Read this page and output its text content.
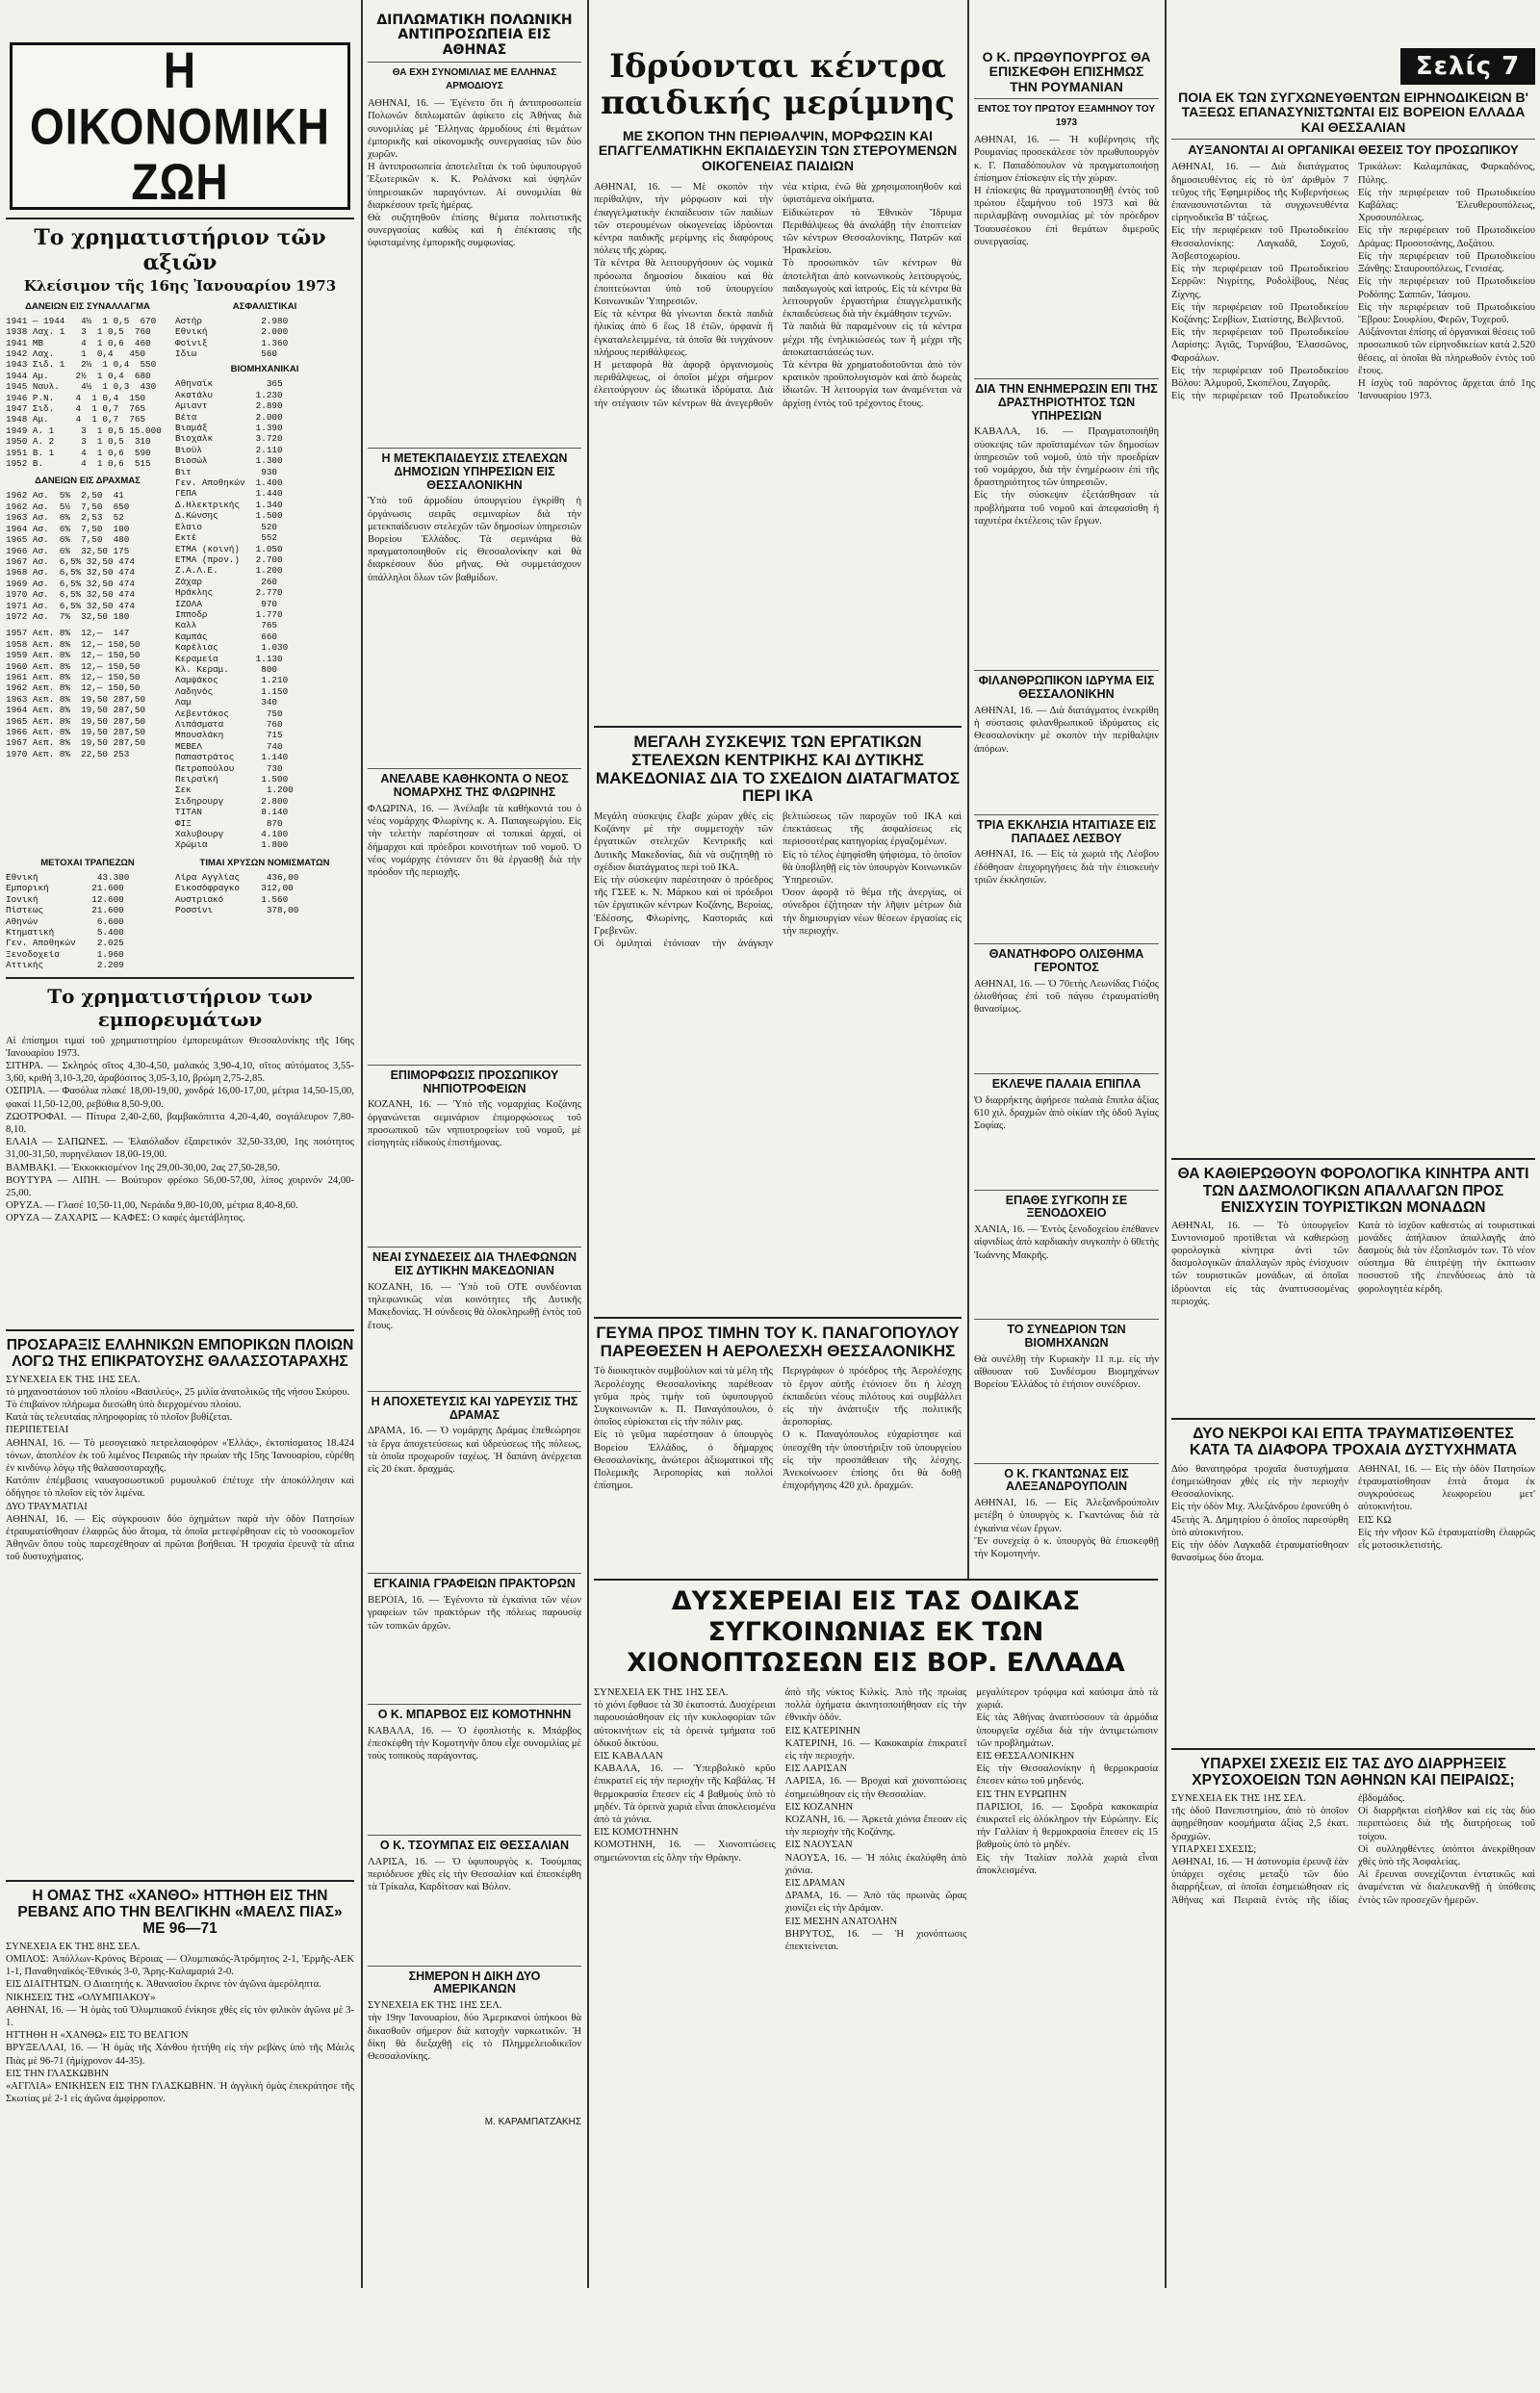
Η ΟΙΚΟΝΟΜΙΚΗ ΖΩΗ
Το χρηματιστήριον τῶν αξιῶν
Κλείσιμον τῆς 16ης Ἰανουαρίου 1973
ΔΑΝΕΙΩΝ ΕΙΣ ΣΥΝΑΛΛΑΓΜΑ
1941 — 1944   4½  1 0,5  670
1938 Λαχ. 1   3  1 0,5  760
1941 ΜΒ       4  1 0,6  460
1942 Λαχ.     1  0,4   450
1943 Σιδ. 1   2½  1 0,4  550
1944 Αμ.     2½  1 0,4  680
1945 Ναυλ.    4½  1 0,3  430
1946 Ρ.Ν.    4  1 0,4  150
1947 Σιδ.    4  1 0,7  765
1948 Αμ.     4  1 0,7  765
1949 Α. 1     3  1 0,5 15.000
1950 Α. 2     3  1 0,5  310
1951 Β. 1     4  1 0,6  590
1952 Β.       4  1 0,6  515
ΔΑΝΕΙΩΝ ΕΙΣ ΔΡΑΧΜΑΣ
1962 Ασ.  5%  2,50  41
1962 Ασ.  5½  7,50  650
1963 Ασ.  6%  2,53  52
1964 Ασ.  6%  7,50  100
1965 Ασ.  6%  7,50  480
1966 Ασ.  6%  32,50 175
1967 Ασ.  6,5% 32,50 474
1968 Ασ.  6,5% 32,50 474
1969 Ασ.  6,5% 32,50 474
1970 Ασ.  6,5% 32,50 474
1971 Ασ.  6,5% 32,50 474
1972 Ασ.  7%  32,50 180
1957 Αεπ. 8%  12,—  147
1958 Αεπ. 8%  12,— 150,50
1959 Αεπ. 8%  12,— 150,50
1960 Αεπ. 8%  12,— 150,50
1961 Αεπ. 8%  12,— 150,50
1962 Αεπ. 8%  12,— 150,50
1963 Αεπ. 8%  19,50 287,50
1964 Αεπ. 8%  19,50 287,50
1965 Αεπ. 8%  19,50 287,50
1966 Αεπ. 8%  19,50 287,50
1967 Αεπ. 8%  19,50 287,50
1970 Αεπ. 8%  22,50 253
ΑΣΦΑΛΙΣΤΙΚΑΙ
Αστήρ           2.980
Εθνική          2.000
Φοίνιξ          1.360
Ιδιω            560
ΒΙΟΜΗΧΑΝΙΚΑΙ
Αθηναϊκ          365
Ακατάλυ        1.230
Αμιαντ         2.890
Βέτα           2.000
Βιαμάξ         1.390
Βιοχαλκ        3.720
Βιοϋλ          2.110
Βιοσώλ         1.300
Βιτ             930
Γεν. Αποθηκών  1.400
ΓΕΠΑ           1.440
Δ.Ηλεκτρικής   1.340
Δ.Κώνσης       1.500
Ελαιο           520
Εκτέ            552
ΕΤΜΑ (κοινή)   1.050
ΕΤΜΑ (προν.)   2.700
Ζ.Α.Λ.Ε.       1.200
Ζάχαρ           260
Ηράκλης        2.770
ΙΖΟΛΑ           970
Ιπποδρ         1.770
Καλλ            765
Καμπάς          660
Καρέλιας        1.030
Κεραμεία       1.130
Κλ. Κεραμ.      800
Λαμψάκος        1.210
Λαδηνός         1.150
Λαμ             340
Λεβεντάκος       750
Λιπάσματα        760
Μπουσλάκη        715
ΜΕΒΕΛ            740
Παπαστράτος     1.140
Πετροπούλου      730
Πειραϊκή        1.500
Σεκ              1.200
Σιδηρουργ       2.800
ΤΙΤΑΝ           8.140
ΦΙΞ              870
Χαλυβουργ       4.100
Χρώμια          1.800
ΜΕΤΟΧΑΙ ΤΡΑΠΕΖΩΝ
Εθνική           43.300
Εμπορική        21.600
Ιονική          12.600
Πίστεως         21.600
Αθηνών           6.600
Κτηματική        5.400
Γεν. Αποθηκών    2.025
Ξενοδοχεία       1.960
Αττικής          2.209
ΤΙΜΑΙ ΧΡΥΣΩΝ ΝΟΜΙΣΜΑΤΩΝ
Λίρα Αγγλίας     436,00
Εικοσόφραγκο    312,00
Αυστριακό       1.560
Ροσσίνι          378,00
Το χρηματιστήριον των εμπορευμάτων
Αἱ ἐπίσημοι τιμαί τοῦ χρηματιστηρίου ἐμπορευμάτων Θεσσαλονίκης τῆς 16ης Ἰανουαρίου 1973.
ΣΙΤΗΡΑ. — Σκληρός σῖτος 4,30-4,50, μαλακός 3,90-4,10, σῖτος αὐτόματος 3,55-3,60, κριθή 3,10-3,20, ἀραβόσιτος 3,05-3,10, βρώμη 2,75-2,85.
ΟΣΠΡΙΑ. — Φασόλια πλακέ 18,00-19,00, χονδρά 16,00-17,00, μέτρια 14,50-15,00, φακαί 11,50-12,00, ρεβύθια 8,50-9,00.
ΖΩΟΤΡΟΦΑΙ. — Πίτυρα 2,40-2,60, βαμβακόπιττα 4,20-4,40, σογιάλευρον 7,80-8,10.
ΕΛΑΙΑ — ΣΑΠΩΝΕΣ. — Ἐλαιόλαδον ἐξαιρετικόν 32,50-33,00, 1ης ποιότητος 31,00-31,50, πυρηνέλαιον 18,00-19,00.
ΒΑΜΒΑΚΙ. — Ἐκκοκκισμένον 1ης 29,00-30,00, 2ας 27,50-28,50.
ΒΟΥΤΥΡΑ — ΛΙΠΗ. — Βούτυρον φρέσκο 56,00-57,00, λίπος χοιρινόν 24,00-25,00.
ΟΡΥΖΑ. — Γλασέ 10,50-11,00, Νεράιδα 9,80-10,00, μέτρια 8,40-8,60.
ΟΡΥΖΑ — ΖΑΧΑΡΙΣ — ΚΑΦΕΣ: Ο καφές ἀμετάβλητος.
ΠΡΟΣΑΡΑΞΙΣ ΕΛΛΗΝΙΚΩΝ ΕΜΠΟΡΙΚΩΝ ΠΛΟΙΩΝ ΛΟΓΩ ΤΗΣ ΕΠΙΚΡΑΤΟΥΣΗΣ ΘΑΛΑΣΣΟΤΑΡΑΧΗΣ
ΣΥΝΕΧΕΙΑ ΕΚ ΤΗΣ 1ΗΣ ΣΕΛ.
τὸ μηχανοστάσιον τοῦ πλοίου «Βασιλεύς», 25 μιλία ἀνατολικῶς τῆς νήσου Σκύρου.
Τὸ ἐπιβαίνον πλήρωμα διεσώθη ὑπὸ διερχομένου πλοίου.
Κατὰ τὰς τελευταίας πληροφορίας τὸ πλοῖον βυθίζεται.
ΠΕΡΙΠΕΤΕΙΑΙ
ΑΘΗΝΑΙ, 16. — Τὸ μεσογειακὸ πετρελαιοφόρον «Ἑλλάς», ἐκτοπίσματος 18.424 τόνων, ἀποπλέον ἐκ τοῦ λιμένος Πειραιῶς τὴν πρωίαν τῆς 15ης Ἰανουαρίου, εὑρέθη ἐν κινδύνῳ λόγῳ τῆς θαλασσοταραχῆς.
Κατόπιν ἐπέμβασις ναυαγοσωστικοῦ ρυμουλκοῦ ἐπέτυχε τὴν ἀποκόλλησιν καὶ ὁδήγησε τὸ πλοῖον εἰς τὸν λιμένα.
ΔΥΟ ΤΡΑΥΜΑΤΙΑΙ
ΑΘΗΝΑΙ, 16. — Εἰς σύγκρουσιν δύο ὀχημάτων παρὰ τὴν ὁδὸν Πατησίων ἐτραυματίσθησαν ἐλαφρῶς δύο ἄτομα, τὰ ὁποῖα μετεφέρθησαν εἰς τὸ νοσοκομεῖον Ἀθηνῶν ὅπου τοὺς παρεσχέθησαν αἱ πρῶται βοήθειαι. Ἡ τροχαία ἐρευνᾷ τὰ αἴτια τοῦ δυστυχήματος.
Η ΟΜΑΣ ΤΗΣ «ΧΑΝΘΟ» ΗΤΤΗΘΗ ΕΙΣ ΤΗΝ ΡΕΒΑΝΣ ΑΠΟ ΤΗΝ ΒΕΛΓΙΚΗΝ «ΜΑΕΛΣ ΠΙΑΣ» ΜΕ 96—71
ΣΥΝΕΧΕΙΑ ΕΚ ΤΗΣ 8ΗΣ ΣΕΛ.
ΟΜΙΛΟΣ: Ἀπόλλων-Κρόνος Βέροιας — Ολυμπιακός-Ἀτρόμητος 2-1, Ἑρμῆς-ΑΕΚ 1-1, Παναθηναϊκός-Ἐθνικός 3-0, Ἄρης-Καλαμαριά 2-0.
ΕΙΣ ΔΙΑΙΤΗΤΩΝ. Ο Διαιτητής κ. Ἀθανασίου ἔκρινε τὸν ἀγῶνα ἀμερόληπτα.
ΝΙΚΗΣΕΙΣ ΤΗΣ «ΟΛΥΜΠΙΑΚΟΥ»
ΑΘΗΝΑΙ, 16. — Ἡ ὁμὰς τοῦ Ὀλυμπιακοῦ ἐνίκησε χθὲς εἰς τὸν φιλικὸν ἀγῶνα μὲ 3-1.
ΗΤΤΗΘΗ Η «ΧΑΝΘΩ» ΕΙΣ ΤΟ ΒΕΛΓΙΟΝ
ΒΡΥΞΕΛΛΑΙ, 16. — Ἡ ὁμὰς τῆς Χάνθου ἡττήθη εἰς τὴν ρεβὰνς ὑπὸ τῆς Μάελς Πιὰς μὲ 96-71 (ἡμίχρονον 44-35).
ΕΙΣ ΤΗΝ ΓΛΑΣΚΩΒΗΝ
«ΑΓΓΛΙΑ» ΕΝΙΚΗΣΕΝ ΕΙΣ ΤΗΝ ΓΛΑΣΚΩΒΗΝ. Ἡ ἀγγλικὴ ὁμὰς ἐπεκράτησε τῆς Σκωτίας μὲ 2-1 εἰς ἀγῶνα ἀμφίρροπον.
ΔΙΠΛΩΜΑΤΙΚΗ ΠΟΛΩΝΙΚΗ ΑΝΤΙΠΡΟΣΩΠΕΙΑ ΕΙΣ ΑΘΗΝΑΣ
ΘΑ ΕΧΗ ΣΥΝΟΜΙΛΙΑΣ ΜΕ ΕΛΛΗΝΑΣ ΑΡΜΟΔΙΟΥΣ
ΑΘΗΝΑΙ, 16. — Ἐγένετο ὅτι ἡ ἀντιπροσωπεία Πολωνῶν διπλωματῶν ἀφίκετο εἰς Ἀθήνας διὰ συνομιλίας μὲ Ἕλληνας ἁρμοδίους ἐπὶ θεμάτων ἐμπορικῆς καὶ οἰκονομικῆς συνεργασίας τῶν δύο χωρῶν.
Η ἀντιπροσωπεία ἀποτελεῖται ἐκ τοῦ ὑφυπουργοῦ Ἐξωτερικῶν κ. Κ. Ρολάνσκι καὶ ὑψηλῶν ὑπηρεσιακῶν παραγόντων. Αἱ συνομιλίαι θὰ διαρκέσουν τρεῖς ἡμέρας.
Θὰ συζητηθοῦν ἐπίσης θέματα πολιτιστικῆς συνεργασίας καθὼς καὶ ἡ ἐπέκτασις τῆς ὑφισταμένης ἐμπορικῆς συμφωνίας.
Η ΜΕΤΕΚΠΑΙΔΕΥΣΙΣ ΣΤΕΛΕΧΩΝ ΔΗΜΟΣΙΩΝ ΥΠΗΡΕΣΙΩΝ ΕΙΣ ΘΕΣΣΑΛΟΝΙΚΗΝ
Ὑπὸ τοῦ ἀρμοδίου ὑπουργείου ἐγκρίθη ἡ ὀργάνωσις σειρᾶς σεμιναρίων διὰ τὴν μετεκπαίδευσιν στελεχῶν τῶν δημοσίων ὑπηρεσιῶν Βορείου Ἑλλάδος. Τὰ σεμινάρια θὰ πραγματοποιηθοῦν εἰς Θεσσαλονίκην καὶ θὰ διαρκέσουν δύο μῆνας. Θὰ συμμετάσχουν ὑπάλληλοι ὅλων τῶν βαθμίδων.
ΑΝΕΛΑΒΕ ΚΑΘΗΚΟΝΤΑ Ο ΝΕΟΣ ΝΟΜΑΡΧΗΣ ΤΗΣ ΦΛΩΡΙΝΗΣ
ΦΛΩΡΙΝΑ, 16. — Ἀνέλαβε τὰ καθήκοντά του ὁ νέος νομάρχης Φλωρίνης κ. Α. Παπαγεωργίου. Εἰς τὴν τελετὴν παρέστησαν αἱ τοπικαὶ ἀρχαί, οἱ δήμαρχοι καὶ πρόεδροι κοινοτήτων τοῦ νομοῦ. Ὁ νέος νομάρχης ἐτόνισεν ὅτι θὰ ἐργασθῇ διὰ τὴν πρόοδον τῆς περιοχῆς.
ΕΠΙΜΟΡΦΩΣΙΣ ΠΡΟΣΩΠΙΚΟΥ ΝΗΠΙΟΤΡΟΦΕΙΩΝ
ΚΟΖΑΝΗ, 16. — Ὑπὸ τῆς νομαρχίας Κοζάνης ὀργανώνεται σεμινάριον ἐπιμορφώσεως τοῦ προσωπικοῦ τῶν νηπιοτροφείων τοῦ νομοῦ, μὲ εἰσηγητὰς εἰδικοὺς ἐπιστήμονας.
ΝΕΑΙ ΣΥΝΔΕΣΕΙΣ ΔΙΑ ΤΗΛΕΦΩΝΩΝ ΕΙΣ ΔΥΤΙΚΗΝ ΜΑΚΕΔΟΝΙΑΝ
ΚΟΖΑΝΗ, 16. — Ὑπὸ τοῦ ΟΤΕ συνδέονται τηλεφωνικῶς νέαι κοινότητες τῆς Δυτικῆς Μακεδονίας. Ἡ σύνδεσις θὰ ὁλοκληρωθῇ ἐντὸς τοῦ ἔτους.
Η ΑΠΟΧΕΤΕΥΣΙΣ ΚΑΙ ΥΔΡΕΥΣΙΣ ΤΗΣ ΔΡΑΜΑΣ
ΔΡΑΜΑ, 16. — Ὁ νομάρχης Δράμας ἐπεθεώρησε τὰ ἔργα ἀποχετεύσεως καὶ ὑδρεύσεως τῆς πόλεως, τὰ ὁποῖα προχωροῦν ταχέως. Ἡ δαπάνη ἀνέρχεται εἰς 20 ἑκατ. δραχμάς.
ΕΓΚΑΙΝΙΑ ΓΡΑΦΕΙΩΝ ΠΡΑΚΤΟΡΩΝ
ΒΕΡΟΙΑ, 16. — Ἐγένοντο τὰ ἐγκαίνια τῶν νέων γραφείων τῶν πρακτόρων τῆς πόλεως παρουσίᾳ τῶν τοπικῶν ἀρχῶν.
Ο Κ. ΜΠΑΡΒΟΣ ΕΙΣ ΚΟΜΟΤΗΝΗΝ
ΚΑΒΑΛΑ, 16. — Ὁ ἐφοπλιστὴς κ. Μπάρβος ἐπεσκέφθη τὴν Κομοτηνὴν ὅπου εἶχε συνομιλίας μὲ τοὺς τοπικοὺς παράγοντας.
Ο Κ. ΤΣΟΥΜΠΑΣ ΕΙΣ ΘΕΣΣΑΛΙΑΝ
ΛΑΡΙΣΑ, 16. — Ὁ ὑφυπουργὸς κ. Τσούμπας περιόδευσε χθὲς εἰς τὴν Θεσσαλίαν καὶ ἐπεσκέφθη τὰ Τρίκαλα, Καρδίτσαν καὶ Βόλον.
ΣΗΜΕΡΟΝ Η ΔΙΚΗ ΔΥΟ ΑΜΕΡΙΚΑΝΩΝ
ΣΥΝΕΧΕΙΑ ΕΚ ΤΗΣ 1ΗΣ ΣΕΛ.
τὴν 19ην Ἰανουαρίου, δύο Ἀμερικανοὶ ὑπήκοοι θὰ δικασθοῦν σήμερον διὰ κατοχὴν ναρκωτικῶν. Ἡ δίκη θὰ διεξαχθῇ εἰς τὸ Πλημμελειοδικεῖον Θεσσαλονίκης.
Μ. ΚΑΡΑΜΠΑΤΖΑΚΗΣ
Ιδρύονται κέντρα παιδικής μερίμνης
ΜΕ ΣΚΟΠΟΝ ΤΗΝ ΠΕΡΙΘΑΛΨΙΝ, ΜΟΡΦΩΣΙΝ ΚΑΙ ΕΠΑΓΓΕΛΜΑΤΙΚΗΝ ΕΚΠΑΙΔΕΥΣΙΝ ΤΩΝ ΣΤΕΡΟΥΜΕΝΩΝ ΟΙΚΟΓΕΝΕΙΑΣ ΠΑΙΔΙΩΝ
ΑΘΗΝΑΙ, 16. — Μὲ σκοπὸν τὴν περίθαλψιν, τὴν μόρφωσιν καὶ τὴν ἐπαγγελματικὴν ἐκπαίδευσιν τῶν παιδίων τῶν στερουμένων οἰκογενείας ἱδρύονται κέντρα παιδικῆς μερίμνης εἰς διαφόρους πόλεις τῆς χώρας.
Τὰ κέντρα θὰ λειτουργήσουν ὡς νομικὰ πρόσωπα δημοσίου δικαίου καὶ θὰ ἐποπτεύωνται ὑπὸ τοῦ ὑπουργείου Κοινωνικῶν Ὑπηρεσιῶν.
Εἰς τὰ κέντρα θὰ γίνωνται δεκτὰ παιδιὰ ἡλικίας ἀπὸ 6 ἕως 18 ἐτῶν, ὀρφανὰ ἢ ἐγκαταλελειμμένα, τὰ ὁποῖα θὰ τυγχάνουν πλήρους περιθάλψεως.
Η μεταφορὰ θὰ ἀφορᾷ ὀργανισμοὺς περιθάλψεως, οἱ ὁποῖοι μέχρι σήμερον ἐλειτούργουν ὡς ἰδιωτικὰ ἱδρύματα. Διὰ τὴν στέγασιν τῶν κέντρων θὰ ἀνεγερθοῦν νέα κτίρια, ἐνῶ θὰ χρησιμοποιηθοῦν καὶ ὑφιστάμενα οἰκήματα.
Εἰδικώτερον τὸ Ἐθνικὸν Ἵδρυμα Περιθάλψεως θὰ ἀναλάβῃ τὴν ἐποπτείαν τῶν κέντρων Θεσσαλονίκης, Πατρῶν καὶ Ἡρακλείου.
Τὸ προσωπικὸν τῶν κέντρων θὰ ἀποτελῆται ἀπὸ κοινωνικοὺς λειτουργούς, παιδαγωγοὺς καὶ ἰατρούς. Εἰς τὰ κέντρα θὰ λειτουργοῦν ἐργαστήρια ἐπαγγελματικῆς ἐκπαιδεύσεως διὰ τὴν ἐκμάθησιν τεχνῶν.
Τὰ παιδιὰ θὰ παραμένουν εἰς τὰ κέντρα μέχρι τῆς ἐνηλικιώσεώς των ἢ μέχρι τῆς ἀποκαταστάσεώς των.
Τὰ κέντρα θὰ χρηματοδοτοῦνται ἀπὸ τὸν κρατικὸν προϋπολογισμὸν καὶ ἀπὸ δωρεὰς ἰδιωτῶν. Ἡ λειτουργία των ἀναμένεται νὰ ἀρχίσῃ ἐντὸς τοῦ τρέχοντος ἔτους.
ΜΕΓΑΛΗ ΣΥΣΚΕΨΙΣ ΤΩΝ ΕΡΓΑΤΙΚΩΝ ΣΤΕΛΕΧΩΝ ΚΕΝΤΡΙΚΗΣ ΚΑΙ ΔΥΤΙΚΗΣ ΜΑΚΕΔΟΝΙΑΣ ΔΙΑ ΤΟ ΣΧΕΔΙΟΝ ΔΙΑΤΑΓΜΑΤΟΣ ΠΕΡΙ ΙΚΑ
Μεγάλη σύσκεψις ἔλαβε χώραν χθὲς εἰς Κοζάνην μὲ τὴν συμμετοχὴν τῶν ἐργατικῶν στελεχῶν Κεντρικῆς καὶ Δυτικῆς Μακεδονίας, διὰ νὰ συζητηθῇ τὸ σχέδιον διατάγματος περὶ τοῦ ΙΚΑ.
Εἰς τὴν σύσκεψιν παρέστησαν ὁ πρόεδρος τῆς ΓΣΕΕ κ. Ν. Μάρκου καὶ οἱ πρόεδροι τῶν ἐργατικῶν κέντρων Κοζάνης, Βεροίας, Ἐδέσσης, Φλωρίνης, Καστοριᾶς καὶ Γρεβενῶν.
Οἱ ὁμιληταὶ ἐτόνισαν τὴν ἀνάγκην βελτιώσεως τῶν παροχῶν τοῦ ΙΚΑ καὶ ἐπεκτάσεως τῆς ἀσφαλίσεως εἰς περισσοτέρας κατηγορίας ἐργαζομένων.
Εἰς τὸ τέλος ἐψηφίσθη ψήφισμα, τὸ ὁποῖον θὰ ὑποβληθῇ εἰς τὸν ὑπουργὸν Κοινωνικῶν Ὑπηρεσιῶν.
Όσον ἀφορᾷ τὸ θέμα τῆς ἀνεργίας, οἱ σύνεδροι ἐζήτησαν τὴν λῆψιν μέτρων διὰ τὴν δημιουργίαν νέων θέσεων ἐργασίας εἰς τὴν περιοχήν.
ΓΕΥΜΑ ΠΡΟΣ ΤΙΜΗΝ ΤΟΥ Κ. ΠΑΝΑΓΟΠΟΥΛΟΥ ΠΑΡΕΘΕΣΕΝ Η ΑΕΡΟΛΕΣΧΗ ΘΕΣΣΑΛΟΝΙΚΗΣ
Τὸ διοικητικὸν συμβούλιον καὶ τὰ μέλη τῆς Ἀερολέσχης Θεσσαλονίκης παρέθεσαν γεῦμα πρὸς τιμὴν τοῦ ὑφυπουργοῦ Συγκοινωνιῶν κ. Π. Παναγόπουλου, ὁ ὁποῖος εὑρίσκεται εἰς τὴν πόλιν μας.
Εἰς τὸ γεῦμα παρέστησαν ὁ ὑπουργὸς Βορείου Ἑλλάδος, ὁ δήμαρχος Θεσσαλονίκης, ἀνώτεροι ἀξιωματικοὶ τῆς Πολεμικῆς Ἀεροπορίας καὶ πολλοὶ ἐπίσημοι.
Περιγράφων ὁ πρόεδρος τῆς Ἀερολέσχης τὸ ἔργον αὐτῆς ἐτόνισεν ὅτι ἡ λέσχη ἐκπαιδεύει νέους πιλότους καὶ συμβάλλει εἰς τὴν ἀνάπτυξιν τῆς πολιτικῆς ἀεροπορίας.
Ο κ. Παναγόπουλος εὐχαρίστησε καὶ ὑπεσχέθη τὴν ὑποστήριξιν τοῦ ὑπουργείου εἰς τὴν προσπάθειαν τῆς λέσχης. Ἀνεκοίνωσεν ἐπίσης ὅτι θὰ δοθῇ ἐπιχορήγησις 420 χιλ. δραχμῶν.
Ο Κ. ΠΡΩΘΥΠΟΥΡΓΟΣ ΘΑ ΕΠΙΣΚΕΦΘΗ ΕΠΙΣΗΜΩΣ ΤΗΝ ΡΟΥΜΑΝΙΑΝ
ΕΝΤΟΣ ΤΟΥ ΠΡΩΤΟΥ ΕΞΑΜΗΝΟΥ ΤΟΥ 1973
ΑΘΗΝΑΙ, 16. — Ἡ κυβέρνησις τῆς Ρουμανίας προσεκάλεσε τὸν πρωθυπουργὸν κ. Γ. Παπαδόπουλον νὰ πραγματοποιήσῃ ἐπίσημον ἐπίσκεψιν εἰς τὴν χώραν.
Η ἐπίσκεψις θὰ πραγματοποιηθῇ ἐντὸς τοῦ πρώτου ἑξαμήνου τοῦ 1973 καὶ θὰ περιλαμβάνῃ συνομιλίας μὲ τὸν πρόεδρον Τσαουσέσκου ἐπὶ θεμάτων διμεροῦς συνεργασίας.
ΔΙΑ ΤΗΝ ΕΝΗΜΕΡΩΣΙΝ ΕΠΙ ΤΗΣ ΔΡΑΣΤΗΡΙΟΤΗΤΟΣ ΤΩΝ ΥΠΗΡΕΣΙΩΝ
ΚΑΒΑΛΑ, 16. — Πραγματοποιήθη σύσκεψις τῶν προϊσταμένων τῶν δημοσίων ὑπηρεσιῶν τοῦ νομοῦ, ὑπὸ τὴν προεδρίαν τοῦ νομάρχου, διὰ τὴν ἐνημέρωσιν ἐπὶ τῆς δραστηριότητος τῶν ὑπηρεσιῶν.
Εἰς τὴν σύσκεψιν ἐξετάσθησαν τὰ προβλήματα τοῦ νομοῦ καὶ ἀπεφασίσθη ἡ ταχυτέρα ἐκτέλεσις τῶν ἔργων.
ΦΙΛΑΝΘΡΩΠΙΚΟΝ ΙΔΡΥΜΑ ΕΙΣ ΘΕΣΣΑΛΟΝΙΚΗΝ
ΑΘΗΝΑΙ, 16. — Διὰ διατάγματος ἐνεκρίθη ἡ σύστασις φιλανθρωπικοῦ ἱδρύματος εἰς Θεσσαλονίκην μὲ σκοπὸν τὴν περίθαλψιν ἀπόρων.
ΤΡΙΑ ΕΚΚΛΗΣΙΑ ΗΤΑΙΤΙΑΣΕ ΕΙΣ ΠΑΠΑΔΕΣ ΛΕΣΒΟΥ
ΑΘΗΝΑΙ, 16. — Εἰς τὰ χωριὰ τῆς Λέσβου ἐδόθησαν ἐπιχορηγήσεις διὰ τὴν ἐπισκευὴν τριῶν ἐκκλησιῶν.
ΘΑΝΑΤΗΦΟΡΟ ΟΛΙΣΘΗΜΑ ΓΕΡΟΝΤΟΣ
ΑΘΗΝΑΙ, 16. — Ὁ 70ετὴς Λεωνίδας Γιόζος ὀλισθήσας ἐπὶ τοῦ πάγου ἐτραυματίσθη θανασίμως.
ΕΚΛΕΨΕ ΠΑΛΑΙΑ ΕΠΙΠΛΑ
Ὁ διαρρήκτης ἀφήρεσε παλαιὰ ἔπιπλα ἀξίας 610 χιλ. δραχμῶν ἀπὸ οἰκίαν τῆς ὁδοῦ Ἁγίας Σοφίας.
ΕΠΑΘΕ ΣΥΓΚΟΠΗ ΣΕ ΞΕΝΟΔΟΧΕΙΟ
ΧΑΝΙΑ, 16. — Ἐντὸς ξενοδοχείου ἐπέθανεν αἰφνιδίως ἀπὸ καρδιακὴν συγκοπὴν ὁ 60ετὴς Ἰωάννης Μακρῆς.
ΤΟ ΣΥΝΕΔΡΙΟΝ ΤΩΝ ΒΙΟΜΗΧΑΝΩΝ
Θὰ συνέλθῃ τὴν Κυριακὴν 11 π.μ. εἰς τὴν αἴθουσαν τοῦ Συνδέσμου Βιομηχάνων Βορείου Ἑλλάδος τὸ ἐτήσιον συνέδριον.
Ο Κ. ΓΚΑΝΤΩΝΑΣ ΕΙΣ ΑΛΕΞΑΝΔΡΟΥΠΟΛΙΝ
ΑΘΗΝΑΙ, 16. — Εἰς Ἀλεξανδρούπολιν μετέβη ὁ ὑπουργὸς κ. Γκαντώνας διὰ τὰ ἐγκαίνια νέων ἔργων.
Ἔν συνεχείᾳ ὁ κ. ὑπουργὸς θὰ ἐπισκεφθῇ τὴν Κομοτηνήν.
ΔΥΣΧΕΡΕΙΑΙ ΕΙΣ ΤΑΣ ΟΔΙΚΑΣ ΣΥΓΚΟΙΝΩΝΙΑΣ ΕΚ ΤΩΝ ΧΙΟΝΟΠΤΩΣΕΩΝ ΕΙΣ ΒΟΡ. ΕΛΛΑΔΑ
ΣΥΝΕΧΕΙΑ ΕΚ ΤΗΣ 1ΗΣ ΣΕΛ.
τὸ χιόνι ἔφθασε τὰ 30 ἑκατοστά. Δυσχέρειαι παρουσιάσθησαν εἰς τὴν κυκλοφορίαν τῶν αὐτοκινήτων εἰς τὰ ὀρεινὰ τμήματα τοῦ ὁδικοῦ δικτύου.
ΕΙΣ ΚΑΒΑΛΑΝ
ΚΑΒΑΛΑ, 16. — Ὑπερβολικὸ κρῦο ἐπικρατεῖ εἰς τὴν περιοχὴν τῆς Καβάλας. Ἡ θερμοκρασία ἔπεσεν εἰς 4 βαθμοὺς ὑπὸ τὸ μηδέν. Τὰ ὀρεινὰ χωριὰ εἶναι ἀποκλεισμένα ἀπὸ τὰ χιόνια.
ΕΙΣ ΚΟΜΟΤΗΝΗΝ
ΚΟΜΟΤΗΝΗ, 16. — Χιονοπτώσεις σημειώνονται εἰς ὅλην τὴν Θράκην.
ἀπὸ τῆς νύκτος Κιλκίς. Ἀπὸ τῆς πρωίας πολλὰ ὀχήματα ἀκινητοποιήθησαν εἰς τὴν ἐθνικὴν ὁδόν.
ΕΙΣ ΚΑΤΕΡΙΝΗΝ
ΚΑΤΕΡΙΝΗ, 16. — Κακοκαιρία ἐπικρατεῖ εἰς τὴν περιοχήν.
ΕΙΣ ΛΑΡΙΣΑΝ
ΛΑΡΙΣΑ, 16. — Βροχαὶ καὶ χιονοπτώσεις ἐσημειώθησαν εἰς τὴν Θεσσαλίαν.
ΕΙΣ ΚΟΖΑΝΗΝ
ΚΟΖΑΝΗ, 16. — Ἀρκετὰ χιόνια ἔπεσαν εἰς τὴν περιοχὴν τῆς Κοζάνης.
ΕΙΣ ΝΑΟΥΣΑΝ
ΝΑΟΥΣΑ, 16. — Ἡ πόλις ἐκαλύφθη ἀπὸ χιόνια.
ΕΙΣ ΔΡΑΜΑΝ
ΔΡΑΜΑ, 16. — Ἀπὸ τὰς πρωινὰς ὥρας χιονίζει εἰς τὴν Δράμαν.
ΕΙΣ ΜΕΣΗΝ ΑΝΑΤΟΛΗΝ
ΒΗΡΥΤΟΣ, 16. — Ἡ χιονόπτωσις ἐπεκτείνεται.
μεγαλύτερον τρόφιμα καὶ καύσιμα ἀπὸ τὰ χωριά.
Εἰς τὰς Ἀθήνας ἀναπτύσσουν τὰ ἀρμόδια ὑπουργεῖα σχέδια διὰ τὴν ἀντιμετώπισιν τῶν προβλημάτων.
ΕΙΣ ΘΕΣΣΑΛΟΝΙΚΗΝ
Εἰς τὴν Θεσσαλονίκην ἡ θερμοκρασία ἔπεσεν κάτω τοῦ μηδενός.
ΕΙΣ ΤΗΝ ΕΥΡΩΠΗΝ
ΠΑΡΙΣΙΟΙ, 16. — Σφοδρὰ κακοκαιρία ἐπικρατεῖ εἰς ὁλόκληρον τὴν Εὐρώπην. Εἰς τὴν Γαλλίαν ἡ θερμοκρασία ἔπεσεν εἰς 15 βαθμοὺς ὑπὸ τὸ μηδέν.
Εἰς τὴν Ἰταλίαν πολλὰ χωριὰ εἶναι ἀποκλεισμένα.
Σελίς 7
ΠΟΙΑ ΕΚ ΤΩΝ ΣΥΓΧΩΝΕΥΘΕΝΤΩΝ ΕΙΡΗΝΟΔΙΚΕΙΩΝ Β' ΤΑΞΕΩΣ ΕΠΑΝΑΣΥΝΙΣΤΩΝΤΑΙ ΕΙΣ ΒΟΡΕΙΟΝ ΕΛΛΑΔΑ ΚΑΙ ΘΕΣΣΑΛΙΑΝ
ΑΥΞΑΝΟΝΤΑΙ ΑΙ ΟΡΓΑΝΙΚΑΙ ΘΕΣΕΙΣ ΤΟΥ ΠΡΟΣΩΠΙΚΟΥ
ΑΘΗΝΑΙ, 16. — Διὰ διατάγματος δημοσιευθέντος εἰς τὸ ὑπ' ἀριθμὸν 7 τεῦχος τῆς Ἐφημερίδος τῆς Κυβερνήσεως ἐπανασυνιστῶνται τὰ συγχωνευθέντα εἰρηνοδικεῖα Β' τάξεως.
Εἰς τὴν περιφέρειαν τοῦ Πρωτοδικείου Θεσσαλονίκης: Λαγκαδᾶ, Σοχοῦ, Ἀσβεστοχωρίου.
Εἰς τὴν περιφέρειαν τοῦ Πρωτοδικείου Σερρῶν: Νιγρίτης, Ροδολίβους, Νέας Ζίχνης.
Εἰς τὴν περιφέρειαν τοῦ Πρωτοδικείου Κοζάνης: Σερβίων, Σιατίστης, Βελβεντοῦ.
Εἰς τὴν περιφέρειαν τοῦ Πρωτοδικείου Λαρίσης: Ἀγιᾶς, Τυρνάβου, Ἐλασσῶνος, Φαρσάλων.
Εἰς τὴν περιφέρειαν τοῦ Πρωτοδικείου Βόλου: Ἀλμυροῦ, Σκοπέλου, Ζαγορᾶς.
Εἰς τὴν περιφέρειαν τοῦ Πρωτοδικείου Τρικάλων: Καλαμπάκας, Φαρκαδόνος, Πύλης.
Εἰς τὴν περιφέρειαν τοῦ Πρωτοδικείου Καβάλας: Ἐλευθερουπόλεως, Χρυσουπόλεως.
Εἰς τὴν περιφέρειαν τοῦ Πρωτοδικείου Δράμας: Προσοτσάνης, Δοξάτου.
Εἰς τὴν περιφέρειαν τοῦ Πρωτοδικείου Ξάνθης: Σταυρουπόλεως, Γενισέας.
Εἰς τὴν περιφέρειαν τοῦ Πρωτοδικείου Ροδόπης: Σαππῶν, Ἰάσμου.
Εἰς τὴν περιφέρειαν τοῦ Πρωτοδικείου Ἔβρου: Σουφλίου, Φερῶν, Τυχεροῦ.
Αὐξάνονται ἐπίσης αἱ ὀργανικαὶ θέσεις τοῦ προσωπικοῦ τῶν εἰρηνοδικείων κατὰ 2.520 θέσεις, αἱ ὁποῖαι θὰ πληρωθοῦν ἐντὸς τοῦ ἔτους.
Η ἰσχὺς τοῦ παρόντος ἄρχεται ἀπὸ 1ης Ἰανουαρίου 1973.
ΘΑ ΚΑΘΙΕΡΩΘΟΥΝ ΦΟΡΟΛΟΓΙΚΑ ΚΙΝΗΤΡΑ ΑΝΤΙ ΤΩΝ ΔΑΣΜΟΛΟΓΙΚΩΝ ΑΠΑΛΛΑΓΩΝ ΠΡΟΣ ΕΝΙΣΧΥΣΙΝ ΤΟΥΡΙΣΤΙΚΩΝ ΜΟΝΑΔΩΝ
ΑΘΗΝΑΙ, 16. — Τὸ ὑπουργεῖον Συντονισμοῦ προτίθεται νὰ καθιερώσῃ φορολογικὰ κίνητρα ἀντὶ τῶν δασμολογικῶν ἀπαλλαγῶν πρὸς ἐνίσχυσιν τῶν τουριστικῶν μονάδων, αἱ ὁποῖαι ἱδρύονται εἰς τὰς ἀναπτυσσομένας περιοχάς.
Κατὰ τὸ ἰσχῦον καθεστὼς αἱ τουριστικαὶ μονάδες ἀπήλαυον ἀπαλλαγῆς ἀπὸ δασμοὺς διὰ τὸν ἐξοπλισμόν των. Τὸ νέον σύστημα θὰ ἐπιτρέψῃ τὴν ἐκπτωσιν ποσοστοῦ τῆς ἐπενδύσεως ἀπὸ τὰ φορολογητέα κέρδη.
ΔΥΟ ΝΕΚΡΟΙ ΚΑΙ ΕΠΤΑ ΤΡΑΥΜΑΤΙΣΘΕΝΤΕΣ ΚΑΤΑ ΤΑ ΔΙΑΦΟΡΑ ΤΡΟΧΑΙΑ ΔΥΣΤΥΧΗΜΑΤΑ
Δύο θανατηφόρα τροχαῖα δυστυχήματα ἐσημειώθησαν χθὲς εἰς τὴν περιοχὴν Θεσσαλονίκης.
Εἰς τὴν ὁδὸν Μιχ. Ἀλεξάνδρου ἐφονεύθη ὁ 45ετὴς Ἀ. Δημητρίου ὁ ὁποῖος παρεσύρθη ὑπὸ αὐτοκινήτου.
Εἰς τὴν ὁδὸν Λαγκαδᾶ ἐτραυματίσθησαν θανασίμως δύο ἄτομα.
ΑΘΗΝΑΙ, 16. — Εἰς τὴν ὁδὸν Πατησίων ἐτραυματίσθησαν ἑπτὰ ἄτομα ἐκ συγκρούσεως λεωφορείου μετ' αὐτοκινήτου.
ΕΙΣ ΚΩ
Εἰς τὴν νῆσον Κῶ ἐτραυματίσθη ἐλαφρῶς εἷς μοτοσικλετιστής.
ΥΠΑΡΧΕΙ ΣΧΕΣΙΣ ΕΙΣ ΤΑΣ ΔΥΟ ΔΙΑΡΡΗΞΕΙΣ ΧΡΥΣΟΧΟΕΙΩΝ ΤΩΝ ΑΘΗΝΩΝ ΚΑΙ ΠΕΙΡΑΙΩΣ;
ΣΥΝΕΧΕΙΑ ΕΚ ΤΗΣ 1ΗΣ ΣΕΛ.
τῆς ὁδοῦ Πανεπιστημίου, ἀπὸ τὸ ὁποῖον ἀφῃρέθησαν κοσμήματα ἀξίας 2,5 ἑκατ. δραχμῶν.
ΥΠΑΡΧΕΙ ΣΧΕΣΙΣ;
ΑΘΗΝΑΙ, 16. — Ἡ ἀστυνομία ἐρευνᾷ ἐὰν ὑπάρχει σχέσις μεταξὺ τῶν δύο διαρρήξεων, αἱ ὁποῖαι ἐσημειώθησαν εἰς Ἀθήνας καὶ Πειραιᾶ ἐντὸς τῆς ἰδίας ἑβδομάδος.
Οἱ διαρρῆκται εἰσῆλθον καὶ εἰς τὰς δύο περιπτώσεις διὰ τῆς διατρήσεως τοῦ τοίχου.
Οἱ συλληφθέντες ὑπόπτοι ἀνεκρίθησαν χθὲς ὑπὸ τῆς Ἀσφαλείας.
Αἱ ἔρευναι συνεχίζονται ἐντατικῶς καὶ ἀναμένεται νὰ διαλευκανθῇ ἡ ὑπόθεσις ἐντὸς τῶν προσεχῶν ἡμερῶν.
